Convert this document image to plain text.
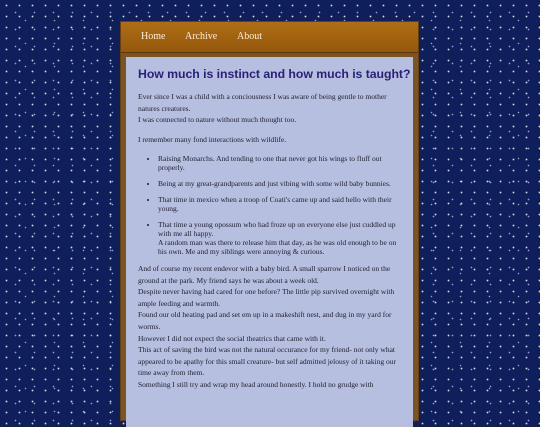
Home Archive About
How much is instinct and how much is taught?

Ever since I was a child with a conciousness I was aware of being gentle to mother natures creatures.
I was connected to nature without much thought too.

I remember many fond interactions with wildlife.

• Raising Monarchs. And tending to one that never got his wings to fluff out properly.
• Being at my great-grandparents and just vibing with some wild baby bunnies.
• That time in mexico when a troop of Coati's came up and said hello with their young.
• That time a young opossum who had froze up on everyone else just cuddled up with me all happy.
A random man was there to release him that day, as he was old enough to be on his own. Me and my siblings were annoying & curious.

And of course my recent endevor with a baby bird. A small sparrow I noticed on the ground at the park. My friend says he was about a week old.

Despite never having had cared for one before? The little pip survived overnight with ample feeding and warmth.

Found our old heating pad and set em up in a makeshift nest, and dug in my yard for worms.

However I did not expect the social theatrics that came with it.

This act of saving the bird was not the natural occurance for my friend- not only what appeared to be apathy for this small creature- but self admitted jelousy of it taking our time away from them.

Something I still try and wrap my head around honestly. I hold no grudge with
